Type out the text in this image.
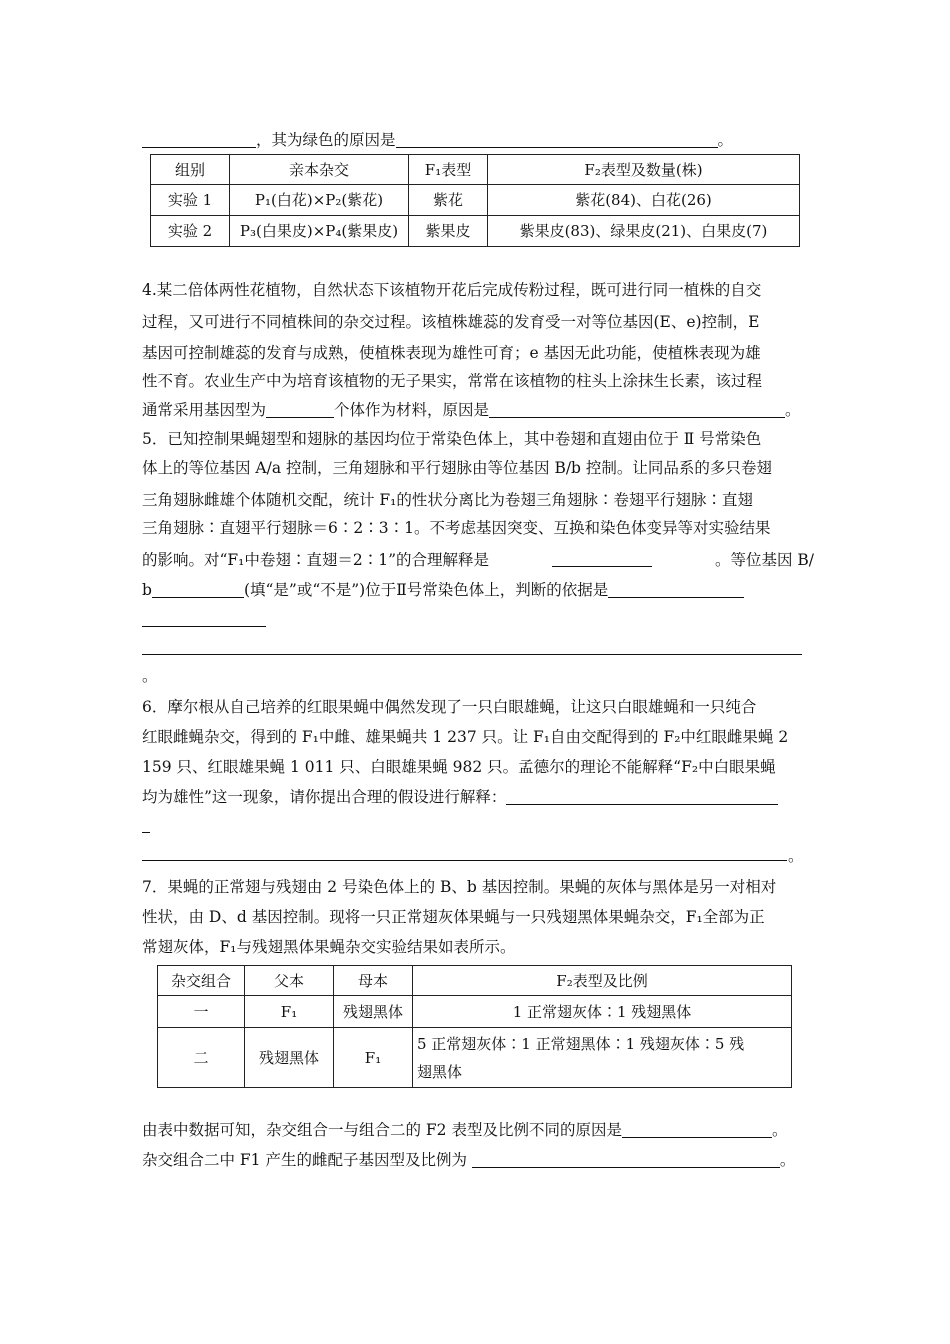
，其为绿色的原因是	。
组别	亲本杂交	F₁表型	F₂表型及数量(株)
实验 1	P₁(白花)×P₂(紫花)	紫花	紫花(84)、白花(26)
实验 2	P₃(白果皮)×P₄(紫果皮)	紫果皮	紫果皮(83)、绿果皮(21)、白果皮(7)
4.某二倍体两性花植物，自然状态下该植物开花后完成传粉过程，既可进行同一植株的自交
过程，又可进行不同植株间的杂交过程。该植株雄蕊的发育受一对等位基因(E、e)控制，E
基因可控制雄蕊的发育与成熟，使植株表现为雄性可育；e 基因无此功能，使植株表现为雄
性不育。农业生产中为培育该植物的无子果实，常常在该植物的柱头上涂抹生长素，该过程
通常采用基因型为	个体作为材料，原因是	。
5．已知控制果蝇翅型和翅脉的基因均位于常染色体上，其中卷翅和直翅由位于 Ⅱ 号常染色
体上的等位基因 A/a 控制，三角翅脉和平行翅脉由等位基因 B/b 控制。让同品系的多只卷翅
三角翅脉雌雄个体随机交配，统计 F₁的性状分离比为卷翅三角翅脉∶卷翅平行翅脉∶直翅
三角翅脉∶直翅平行翅脉＝6∶2∶3∶1。不考虑基因突变、互换和染色体变异等对实验结果
的影响。对“F₁中卷翅∶直翅＝2∶1”的合理解释是	。等位基因 B/
b	(填“是”或“不是”)位于Ⅱ号常染色体上，判断的依据是
。
6．摩尔根从自己培养的红眼果蝇中偶然发现了一只白眼雄蝇，让这只白眼雄蝇和一只纯合
红眼雌蝇杂交，得到的 F₁中雌、雄果蝇共 1 237 只。让 F₁自由交配得到的 F₂中红眼雌果蝇 2
159 只、红眼雄果蝇 1 011 只、白眼雄果蝇 982 只。孟德尔的理论不能解释“F₂中白眼果蝇
均为雄性”这一现象，请你提出合理的假设进行解释：
。
7．果蝇的正常翅与残翅由 2 号染色体上的 B、b 基因控制。果蝇的灰体与黑体是另一对相对
性状，由 D、d 基因控制。现将一只正常翅灰体果蝇与一只残翅黑体果蝇杂交，F₁全部为正
常翅灰体，F₁与残翅黑体果蝇杂交实验结果如表所示。
杂交组合	父本	母本	F₂表型及比例
一	F₁	残翅黑体	1 正常翅灰体∶1 残翅黑体
二	残翅黑体	F₁	5 正常翅灰体∶1 正常翅黑体∶1 残翅灰体∶5 残
翅黑体
由表中数据可知，杂交组合一与组合二的 F2 表型及比例不同的原因是	。
杂交组合二中 F1 产生的雌配子基因型及比例为	。
